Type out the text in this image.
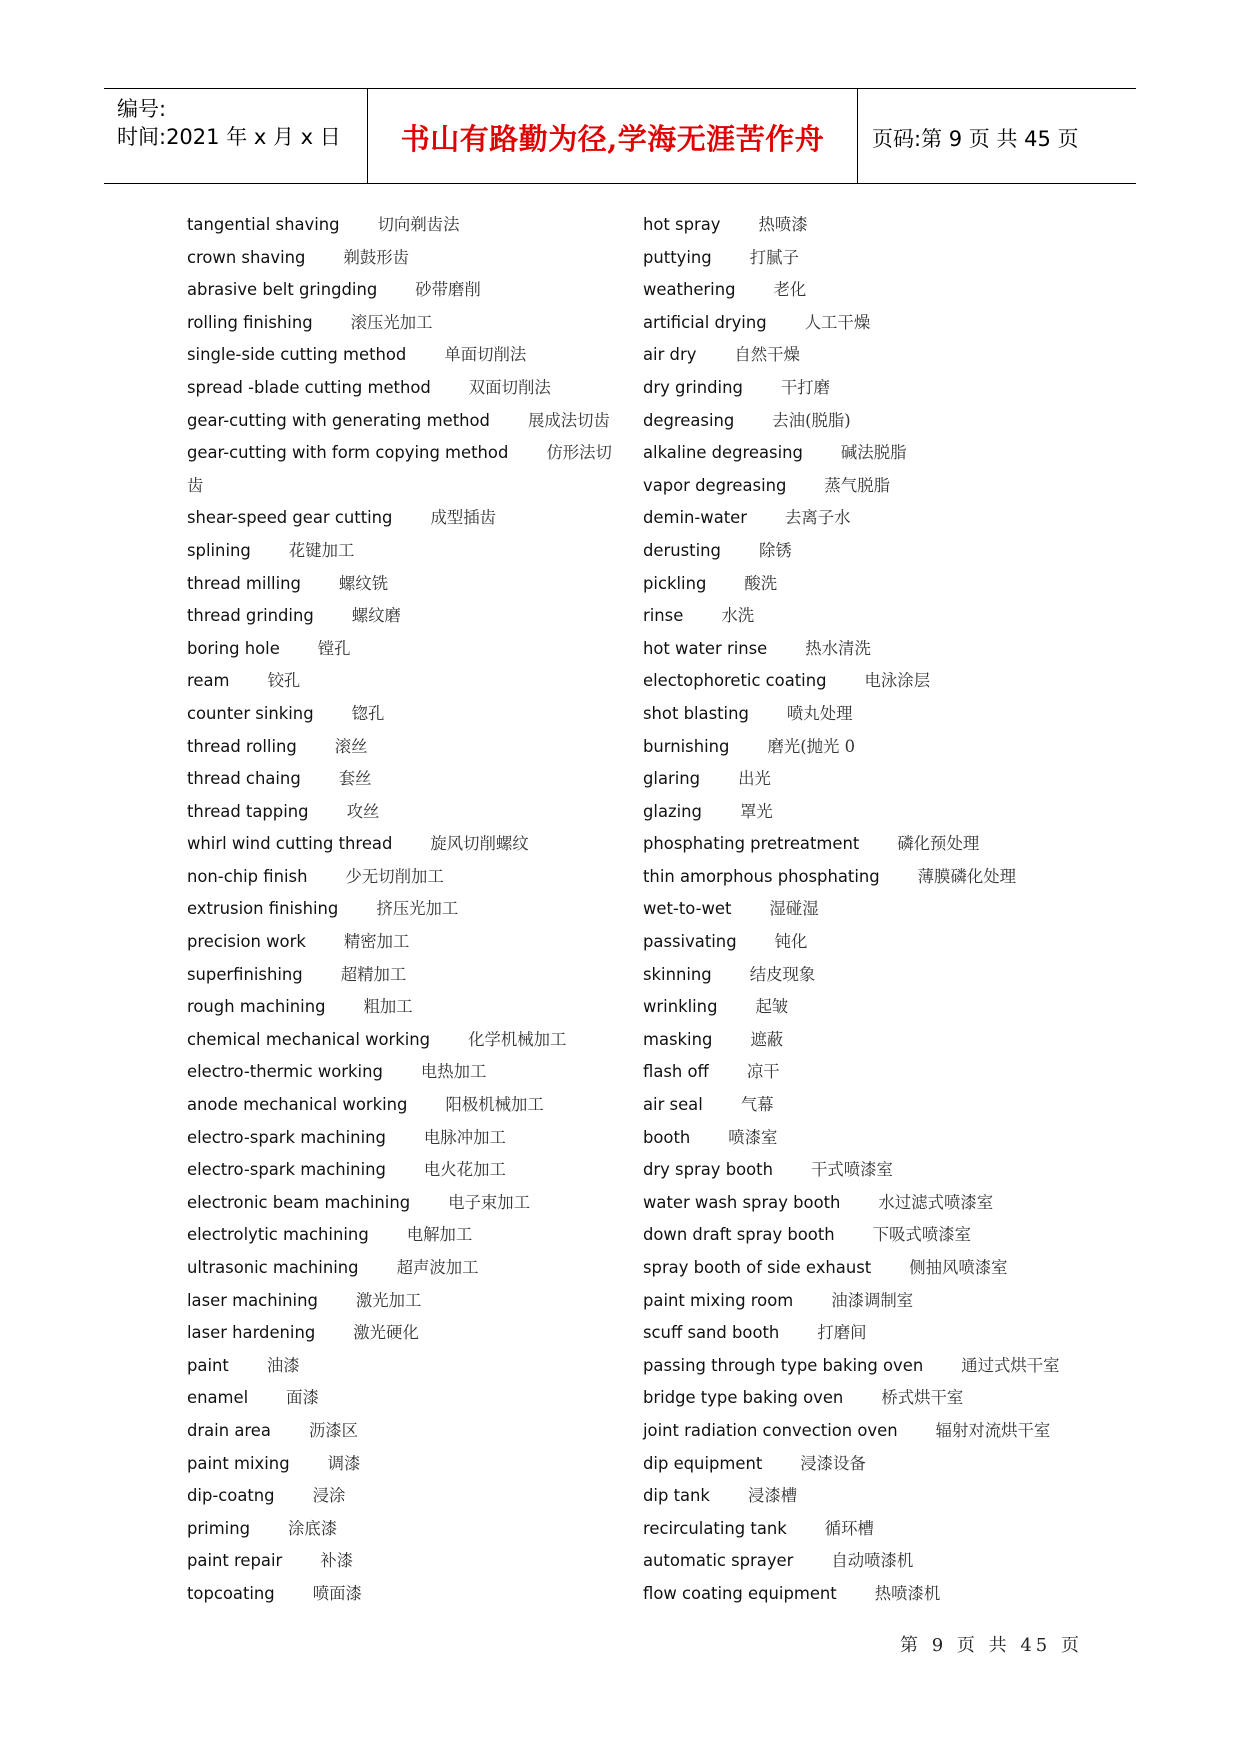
编号:
时间:2021 年 x 月 x 日	书山有路勤为径,学海无涯苦作舟	页码:第 9 页 共 45 页
tangential shaving 切向剃齿法
crown shaving 剃鼓形齿
abrasive belt gringding 砂带磨削
rolling finishing 滚压光加工
single-side cutting method 单面切削法
spread -blade cutting method 双面切削法
gear-cutting with generating method 展成法切齿
gear-cutting with form copying method 仿形法切
齿
shear-speed gear cutting 成型插齿
splining 花键加工
thread milling 螺纹铣
thread grinding 螺纹磨
boring hole 镗孔
ream 铰孔
counter sinking 锪孔
thread rolling 滚丝
thread chaing 套丝
thread tapping 攻丝
whirl wind cutting thread 旋风切削螺纹
non-chip finish 少无切削加工
extrusion finishing 挤压光加工
precision work 精密加工
superfinishing 超精加工
rough machining 粗加工
chemical mechanical working 化学机械加工
electro-thermic working 电热加工
anode mechanical working 阳极机械加工
electro-spark machining 电脉冲加工
electro-spark machining 电火花加工
electronic beam machining 电子束加工
electrolytic machining 电解加工
ultrasonic machining 超声波加工
laser machining 激光加工
laser hardening 激光硬化
paint 油漆
enamel 面漆
drain area 沥漆区
paint mixing 调漆
dip-coatng 浸涂
priming 涂底漆
paint repair 补漆
topcoating 喷面漆
hot spray 热喷漆
puttying 打腻子
weathering 老化
artificial drying 人工干燥
air dry 自然干燥
dry grinding 干打磨
degreasing 去油(脱脂)
alkaline degreasing 碱法脱脂
vapor degreasing 蒸气脱脂
demin-water 去离子水
derusting 除锈
pickling 酸洗
rinse 水洗
hot water rinse 热水清洗
electophoretic coating 电泳涂层
shot blasting 喷丸处理
burnishing 磨光(抛光 0
glaring 出光
glazing 罩光
phosphating pretreatment 磷化预处理
thin amorphous phosphating 薄膜磷化处理
wet-to-wet 湿碰湿
passivating 钝化
skinning 结皮现象
wrinkling 起皱
masking 遮蔽
flash off 凉干
air seal 气幕
booth 喷漆室
dry spray booth 干式喷漆室
water wash spray booth 水过滤式喷漆室
down draft spray booth 下吸式喷漆室
spray booth of side exhaust 侧抽风喷漆室
paint mixing room 油漆调制室
scuff sand booth 打磨间
passing through type baking oven 通过式烘干室
bridge type baking oven 桥式烘干室
joint radiation convection oven 辐射对流烘干室
dip equipment 浸漆设备
dip tank 浸漆槽
recirculating tank 循环槽
automatic sprayer 自动喷漆机
flow coating equipment 热喷漆机
第 9 页 共 45 页
